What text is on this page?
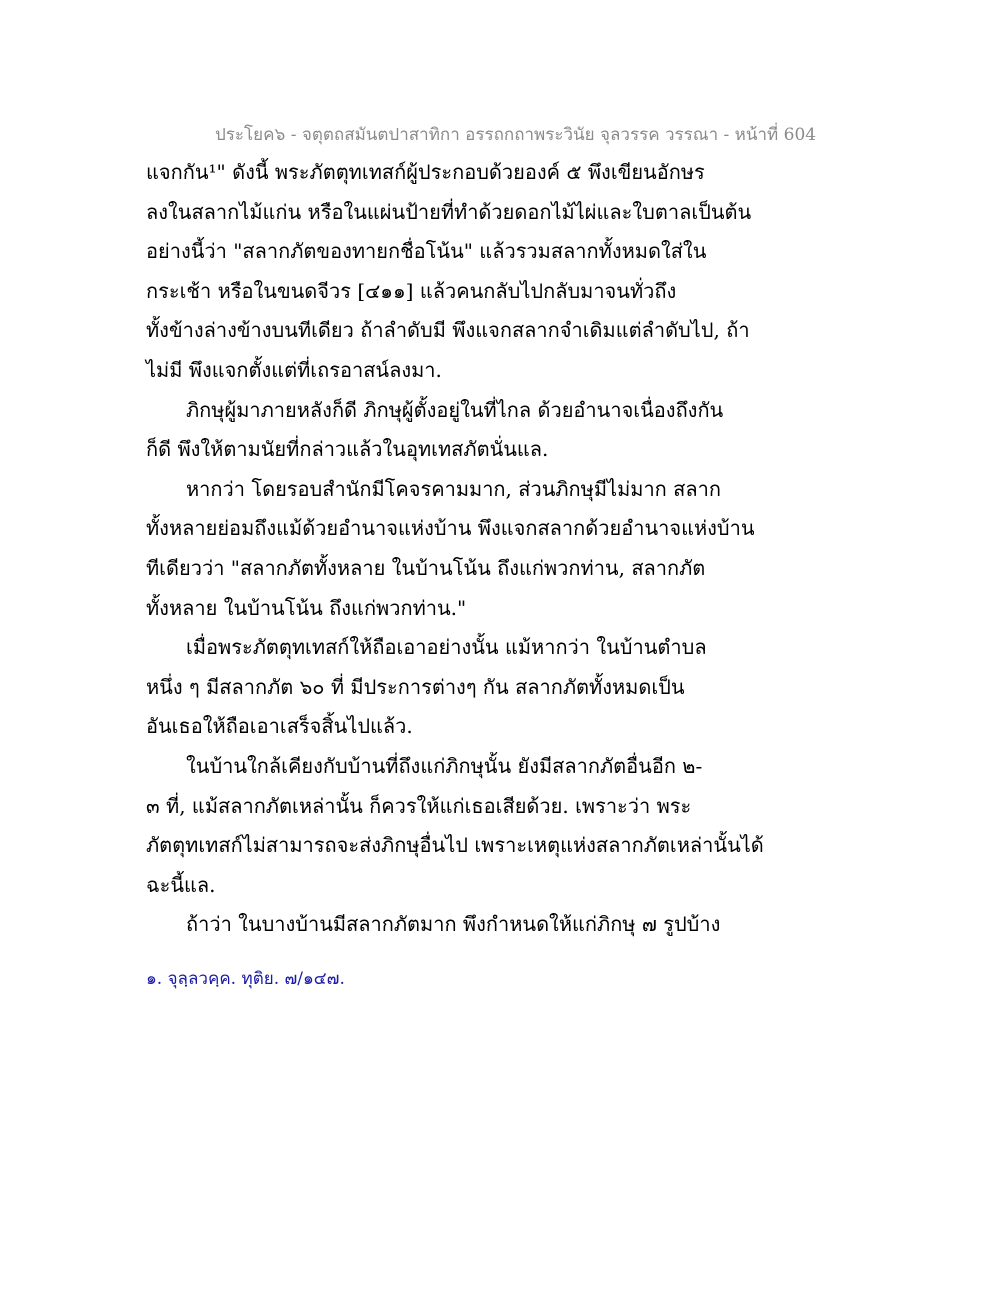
ประโยค๖ - จตุตถสมันตปาสาทิกา อรรถกถาพระวินัย จุลวรรค วรรณา - หน้าที่ 604
แจกกัน¹" ดังนี้ พระภัตตุทเทสก์ผู้ประกอบด้วยองค์ ๕ พึงเขียนอักษร
ลงในสลากไม้แก่น หรือในแผ่นป้ายที่ทำด้วยดอกไม้ไผ่และใบตาลเป็นต้น
อย่างนี้ว่า "สลากภัตของทายกชื่อโน้น" แล้วรวมสลากทั้งหมดใส่ใน
กระเช้า หรือในขนดจีวร [๔๑๑] แล้วคนกลับไปกลับมาจนทั่วถึง
ทั้งข้างล่างข้างบนทีเดียว ถ้าลำดับมี พึงแจกสลากจำเดิมแต่ลำดับไป, ถ้า
ไม่มี พึงแจกตั้งแต่ที่เถรอาสน์ลงมา.
ภิกษุผู้มาภายหลังก็ดี ภิกษุผู้ตั้งอยู่ในที่ไกล ด้วยอำนาจเนื่องถึงกัน
ก็ดี พึงให้ตามนัยที่กล่าวแล้วในอุทเทสภัตนั่นแล.
หากว่า โดยรอบสำนักมีโคจรคามมาก, ส่วนภิกษุมีไม่มาก สลาก
ทั้งหลายย่อมถึงแม้ด้วยอำนาจแห่งบ้าน พึงแจกสลากด้วยอำนาจแห่งบ้าน
ทีเดียวว่า "สลากภัตทั้งหลาย ในบ้านโน้น ถึงแก่พวกท่าน, สลากภัต
ทั้งหลาย ในบ้านโน้น ถึงแก่พวกท่าน."
เมื่อพระภัตตุทเทสก์ให้ถือเอาอย่างนั้น แม้หากว่า ในบ้านตำบล
หนึ่ง ๆ มีสลากภัต ๖๐ ที่ มีประการต่างๆ กัน สลากภัตทั้งหมดเป็น
อันเธอให้ถือเอาเสร็จสิ้นไปแล้ว.
ในบ้านใกล้เคียงกับบ้านที่ถึงแก่ภิกษุนั้น ยังมีสลากภัตอื่นอีก ๒-
๓ ที่, แม้สลากภัตเหล่านั้น ก็ควรให้แก่เธอเสียด้วย. เพราะว่า พระ
ภัตตุทเทสก์ไม่สามารถจะส่งภิกษุอื่นไป เพราะเหตุแห่งสลากภัตเหล่านั้นได้
ฉะนี้แล.
ถ้าว่า ในบางบ้านมีสลากภัตมาก พึงกำหนดให้แก่ภิกษุ ๗ รูปบ้าง
๑. จุลฺลวคฺค. ทุติย. ๗/๑๔๗.
